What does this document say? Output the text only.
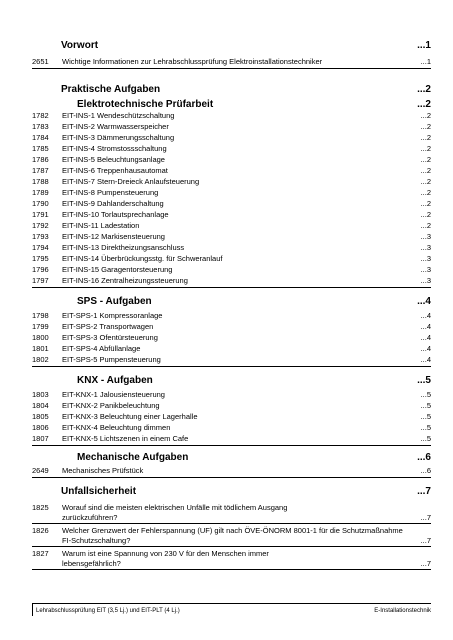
Vorwort	...1
2651 Wichtige Informationen zur Lehrabschlussprüfung Elektroinstallationstechniker	...1
Praktische Aufgaben	...2
Elektrotechnische Prüfarbeit	...2
1782 EIT-INS-1 Wendeschützschaltung	...2
1783 EIT-INS-2 Warmwasserspeicher	...2
1784 EIT-INS-3 Dämmerungsschaltung	...2
1785 EIT-INS-4 Stromstossschaltung	...2
1786 EIT-INS-5 Beleuchtungsanlage	...2
1787 EIT-INS-6 Treppenhausautomat	...2
1788 EIT-INS-7 Stern-Dreieck Anlaufsteuerung	...2
1789 EIT-INS-8 Pumpensteuerung	...2
1790 EIT-INS-9 Dahlanderschaltung	...2
1791 EIT-INS-10 Torlautsprechanlage	...2
1792 EIT-INS-11 Ladestation	...2
1793 EIT-INS-12 Markisensteuerung	...3
1794 EIT-INS-13 Direktheizungsanschluss	...3
1795 EIT-INS-14 Überbrückungsstg. für Schweranlauf	...3
1796 EIT-INS-15 Garagentorsteuerung	...3
1797 EIT-INS-16 Zentralheizungssteuerung	...3
SPS - Aufgaben	...4
1798 EIT-SPS-1 Kompressoranlage	...4
1799 EIT-SPS-2 Transportwagen	...4
1800 EIT-SPS-3 Ofentürsteuerung	...4
1801 EIT-SPS-4 Abfüllanlage	...4
1802 EIT-SPS-5 Pumpensteuerung	...4
KNX - Aufgaben	...5
1803 EIT-KNX-1 Jalousiensteuerung	...5
1804 EIT-KNX-2 Panikbeleuchtung	...5
1805 EIT-KNX-3 Beleuchtung einer Lagerhalle	...5
1806 EIT-KNX-4 Beleuchtung dimmen	...5
1807 EIT-KNX-5 Lichtszenen in einem Cafe	...5
Mechanische Aufgaben	...6
2649 Mechanisches Prüfstück	...6
Unfallsicherheit	...7
1825 Worauf sind die meisten elektrischen Unfälle mit tödlichem Ausgang
zurückzuführen?	...7
1826 Welcher Grenzwert der Fehlerspannung (UF) gilt nach ÖVE-ÖNORM 8001-1 für die Schutzmaßnahme
FI-Schutzschaltung?	...7
1827 Warum ist eine Spannung von 230 V für den Menschen immer
lebensgefährlich?	...7
Lehrabschlussprüfung EIT (3,5 Lj.) und EIT-PLT (4 Lj.)	E-Installationstechnik
